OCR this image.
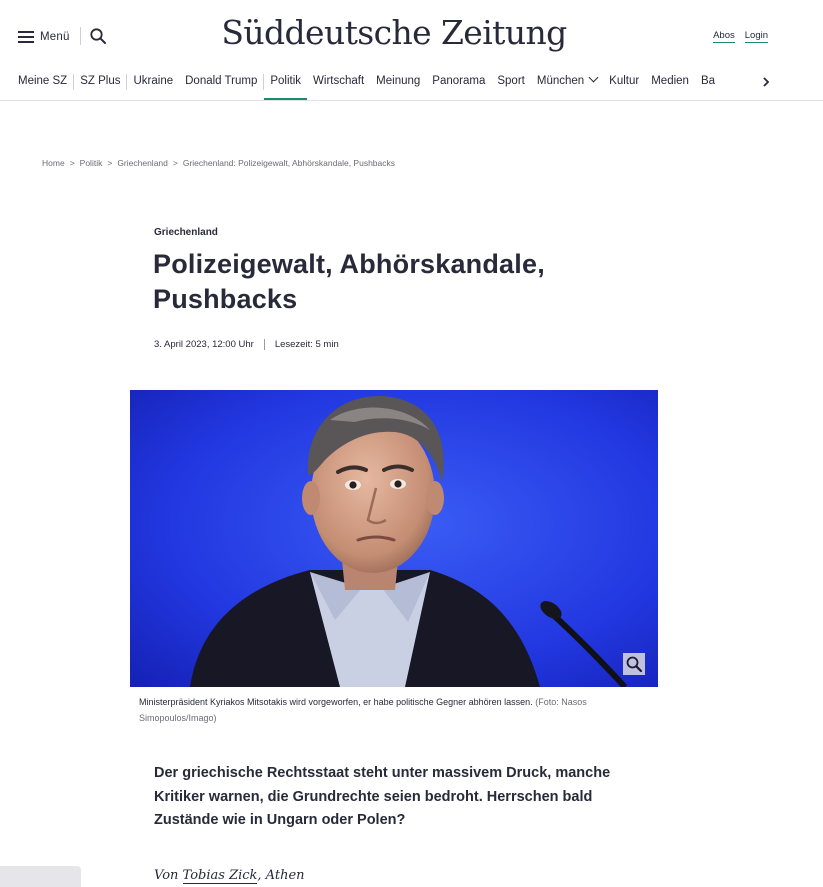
Menü	Süddeutsche Zeitung	Abos Login
Meine SZ	SZ Plus	Ukraine	Donald Trump	Politik	Wirtschaft	Meinung	Panorama	Sport	München	Kultur	Medien	Ba
Home > Politik > Griechenland > Griechenland: Polizeigewalt, Abhörskandale, Pushbacks
Griechenland
Polizeigewalt, Abhörskandale, Pushbacks
3. April 2023, 12:00 Uhr Lesezeit: 5 min
Ministerpräsident Kyriakos Mitsotakis wird vorgeworfen, er habe politische Gegner abhören lassen. (Foto: Nasos Simopoulos/Imago)

Der griechische Rechtsstaat steht unter massivem Druck, manche Kritiker warnen, die Grundrechte seien bedroht. Herrschen bald Zustände wie in Ungarn oder Polen?

Von Tobias Zick, Athen
